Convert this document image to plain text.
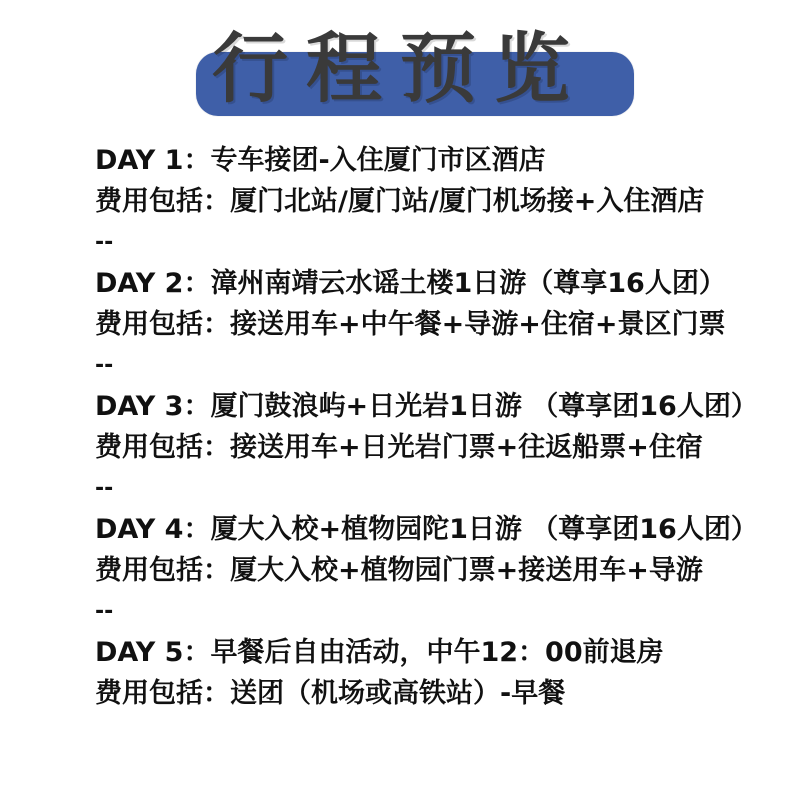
行程预览
DAY 1：专车接团-入住厦门市区酒店
费用包括：厦门北站/厦门站/厦门机场接+入住酒店
--
DAY 2：漳州南靖云水谣土楼1日游（尊享16人团）
费用包括：接送用车+中午餐+导游+住宿+景区门票
--
DAY 3：厦门鼓浪屿+日光岩1日游 （尊享团16人团）
费用包括：接送用车+日光岩门票+往返船票+住宿
--
DAY 4：厦大入校+植物园陀1日游 （尊享团16人团）
费用包括：厦大入校+植物园门票+接送用车+导游
--
DAY 5：早餐后自由活动，中午12：00前退房
费用包括：送团（机场或高铁站）-早餐
